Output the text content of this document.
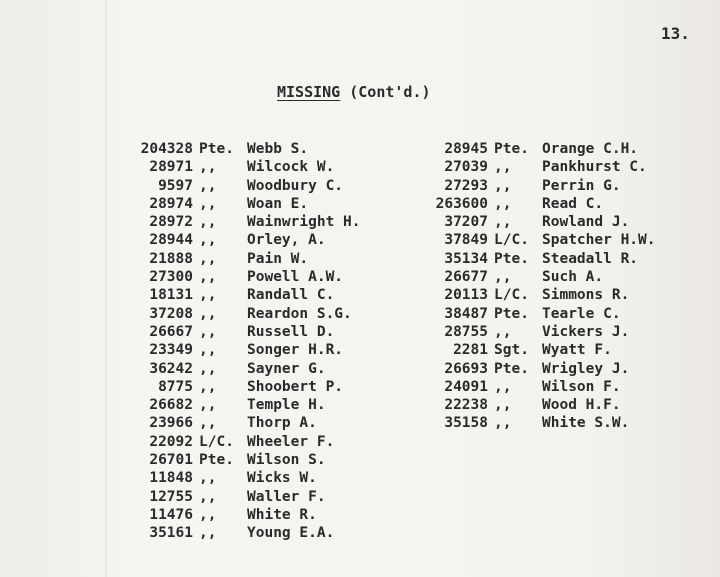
13.
MISSING (Cont'd.)
204328 Pte. Webb S.
28971 ,, Wilcock W.
9597 ,, Woodbury C.
28974 ,, Woan E.
28972 ,, Wainwright H.
28944 ,, Orley, A.
21888 ,, Pain W.
27300 ,, Powell A.W.
18131 ,, Randall C.
37208 ,, Reardon S.G.
26667 ,, Russell D.
23349 ,, Songer H.R.
36242 ,, Sayner G.
8775 ,, Shoobert P.
26682 ,, Temple H.
23966 ,, Thorp A.
22092 L/C. Wheeler F.
26701 Pte. Wilson S.
11848 ,, Wicks W.
12755 ,, Waller F.
11476 ,, White R.
35161 ,, Young E.A.
28945 Pte. Orange C.H.
27039 ,, Pankhurst C.
27293 ,, Perrin G.
263600 ,, Read C.
37207 ,, Rowland J.
37849 L/C. Spatcher H.W.
35134 Pte. Steadall R.
26677 ,, Such A.
20113 L/C. Simmons R.
38487 Pte. Tearle C.
28755 ,, Vickers J.
2281 Sgt. Wyatt F.
26693 Pte. Wrigley J.
24091 ,, Wilson F.
22238 ,, Wood H.F.
35158 ,, White S.W.
